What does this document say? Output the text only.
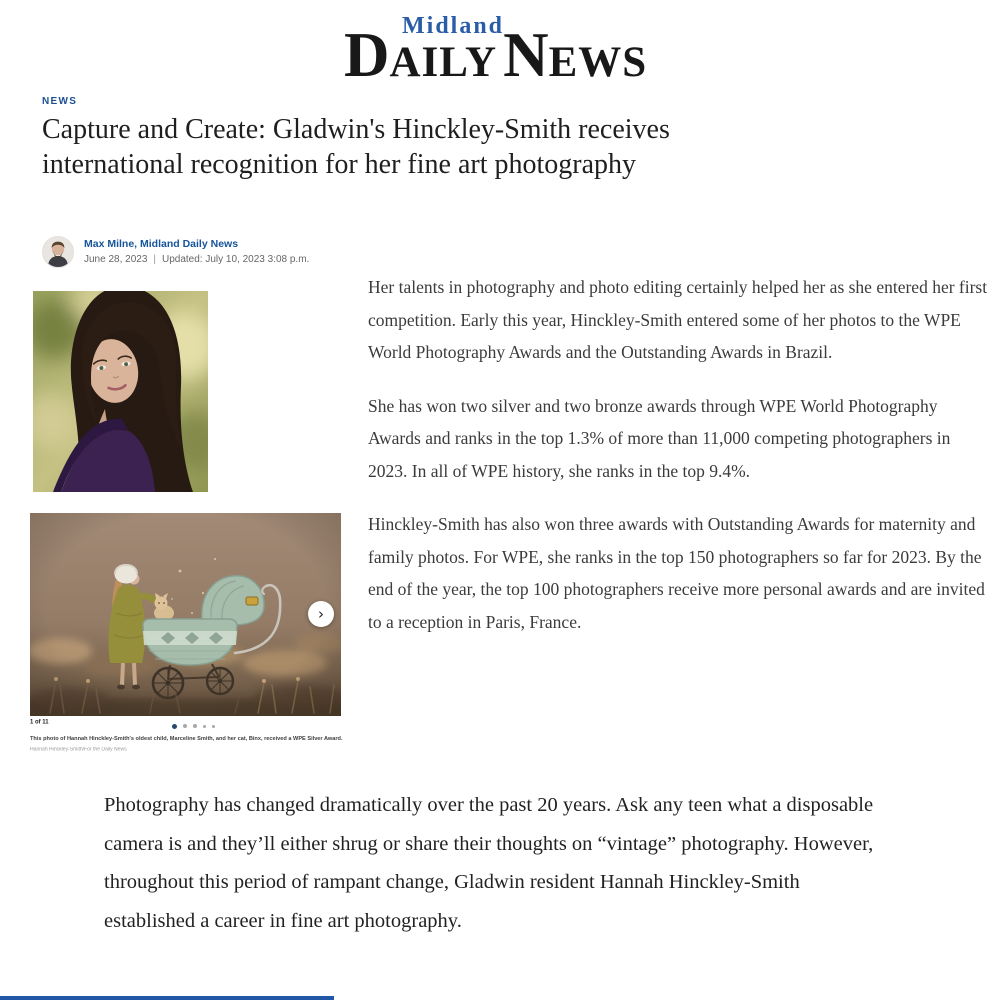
Midland
D AILY N EWS
NEWS
Capture and Create: Gladwin's Hinckley-Smith receives international recognition for her fine art photography
Max Milne, Midland Daily News
June 28, 2023 | Updated: July 10, 2023 3:08 p.m.
›
1 of 11
This photo of Hannah Hinckley-Smith's oldest child, Marceline Smith, and her cat, Binx, received a WPE Silver Award.
Hannah Hinckley-Smith/For the Daily News

Her talents in photography and photo editing certainly helped her as she entered her first competition. Early this year, Hinckley-Smith entered some of her photos to the WPE World Photography Awards and the Outstanding Awards in Brazil.

She has won two silver and two bronze awards through WPE World Photography Awards and ranks in the top 1.3% of more than 11,000 competing photographers in 2023. In all of WPE history, she ranks in the top 9.4%.

Hinckley-Smith has also won three awards with Outstanding Awards for maternity and family photos. For WPE, she ranks in the top 150 photographers so far for 2023. By the end of the year, the top 100 photographers receive more personal awards and are invited to a reception in Paris, France.

Photography has changed dramatically over the past 20 years. Ask any teen what a disposable camera is and they’ll either shrug or share their thoughts on “vintage” photography. However, throughout this period of rampant change, Gladwin resident Hannah Hinckley-Smith established a career in fine art photography.
